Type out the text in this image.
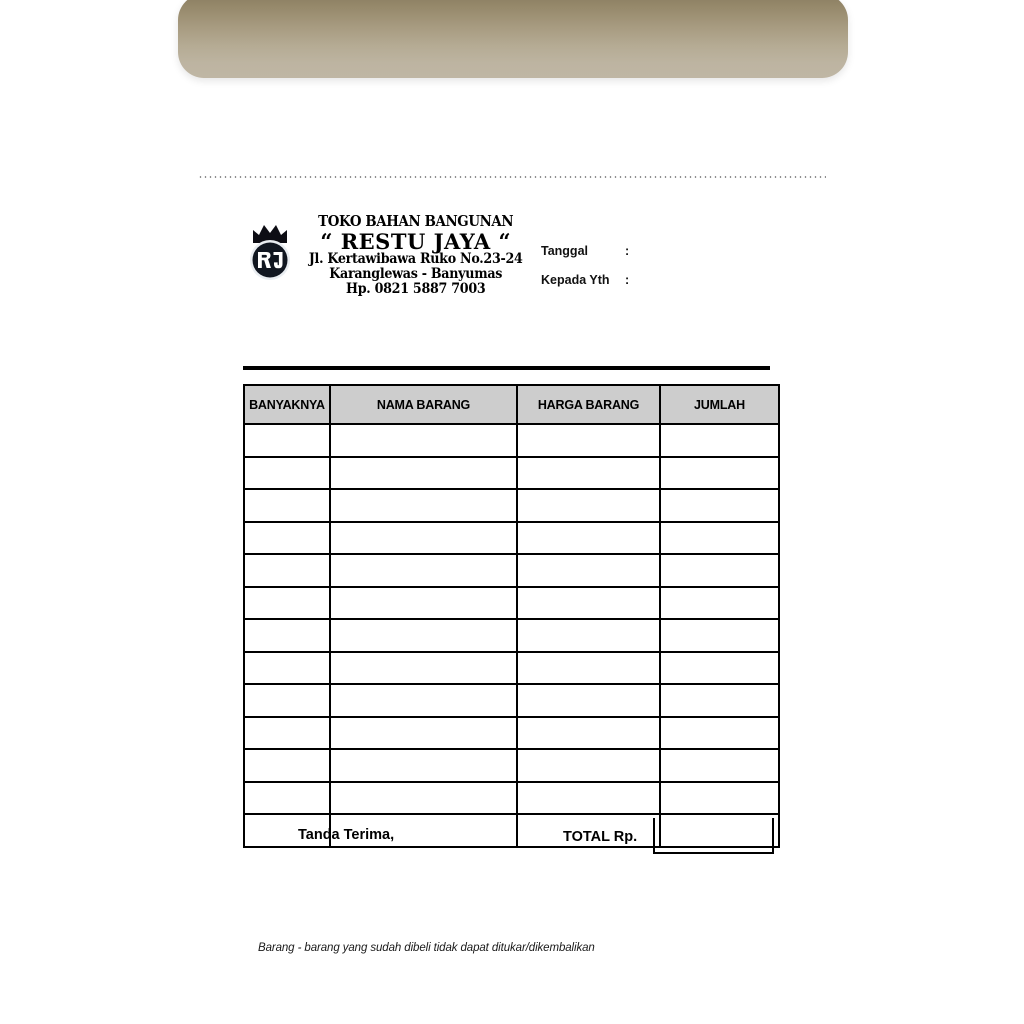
TOKO BAHAN BANGUNAN
“ RESTU JAYA “
Jl. Kertawibawa Ruko No.23-24
Karanglewas - Banyumas
Hp. 0821 5887 7003
Tanggal	:
Kepada Yth	:
BANYAKNYA	NAMA BARANG	HARGA BARANG	JUMLAH

Tanda Terima,	TOTAL Rp.
Barang - barang yang sudah dibeli tidak dapat ditukar/dikembalikan
